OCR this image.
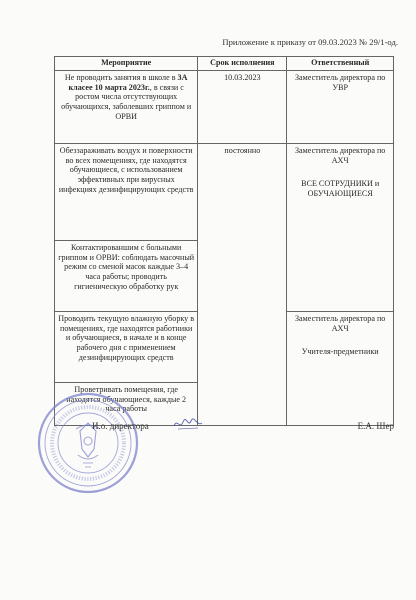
Приложение к приказу от 09.03.2023 № 29/1-од.
Мероприятие	Срок исполнения	Ответственный
Не проводить занятия в школе в 3А класее 10 марта 2023г., в связи с ростом числа отсутствующих обучающихся, заболевших гриппом и ОРВИ	10.03.2023	Заместитель директора по УВР
Обеззараживать воздух и поверхности во всех помещениях, где находятся обучающиеся, с использованием эффективных при вирусных инфекциях дезинфицирующих средств	постоянно	Заместитель директора по АХЧ
ВСЕ СОТРУДНИКИ и ОБУЧАЮЩИЕСЯ
Контактированшим с больными гриппом и ОРВИ: соблюдать масочный режим со сменой масок каждые 3–4 часа работы; проводить гигиеническую обработку рук		
Проводить текущую влажную уборку в помещениях, где находятся работники и обучающиеся, в начале и в конце рабочего дня с применением дезинфицирующих средств		Заместитель директора по АХЧ
Учителя-предметники
Проветривать помещения, где находятся обучающиеся, каждые 2 часа работы		
И.о. директора	Е.А. Шер
